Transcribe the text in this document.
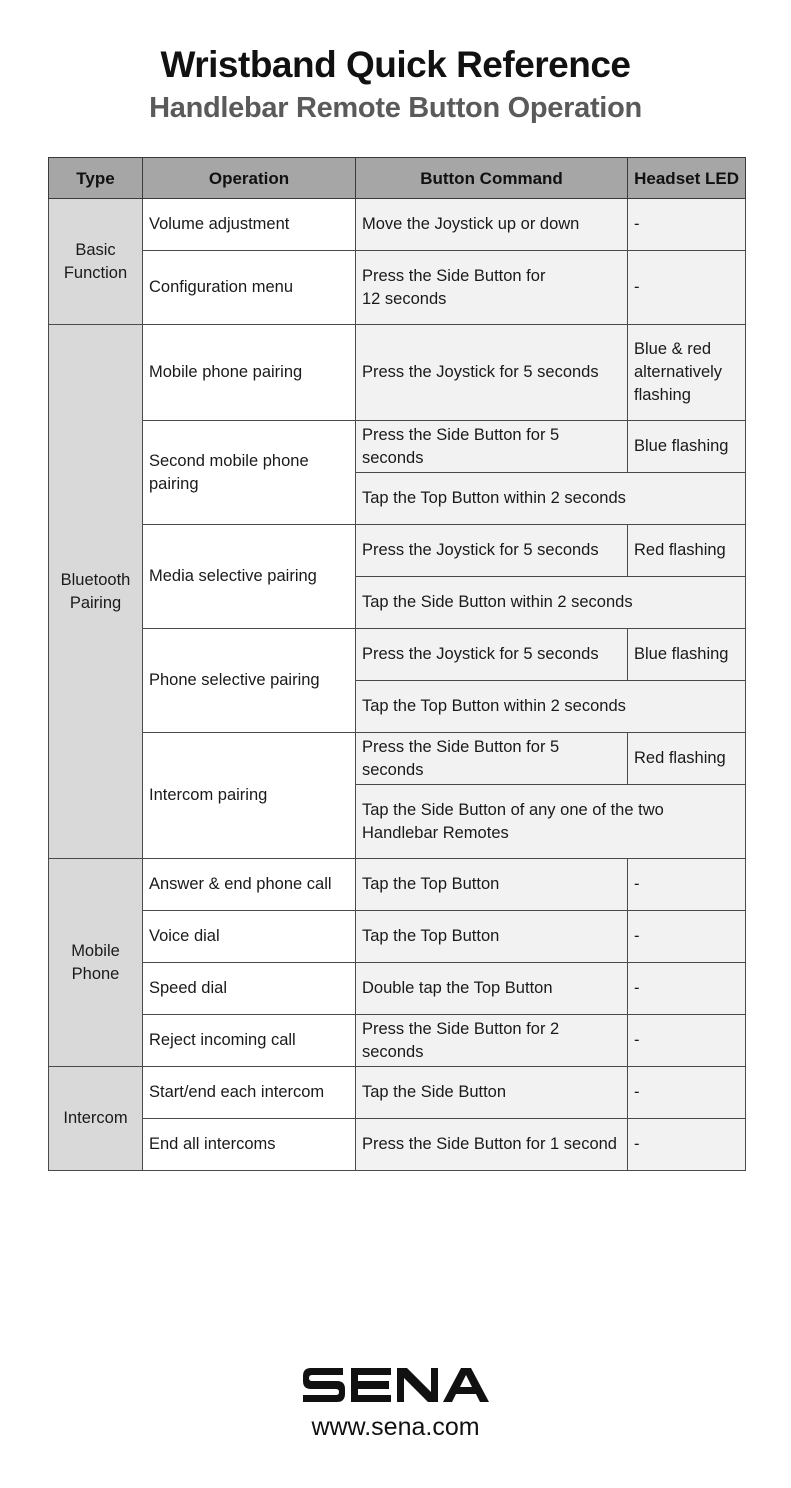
Wristband Quick Reference
Handlebar Remote Button Operation
Type	Operation	Button Command	Headset LED
Basic Function	Volume adjustment	Move the Joystick up or down	-
	Configuration menu	Press the Side Button for 12 seconds	-
Bluetooth Pairing	Mobile phone pairing	Press the Joystick for 5 seconds	Blue & red alternatively flashing
	Second mobile phone pairing	Press the Side Button for 5 seconds	Blue flashing
		Tap the Top Button within 2 seconds	
	Media selective pairing	Press the Joystick for 5 seconds	Red flashing
		Tap the Side Button within 2 seconds	
	Phone selective pairing	Press the Joystick for 5 seconds	Blue flashing
		Tap the Top Button within 2 seconds	
	Intercom pairing	Press the Side Button for 5 seconds	Red flashing
		Tap the Side Button of any one of the two Handlebar Remotes	
Mobile Phone	Answer & end phone call	Tap the Top Button	-
	Voice dial	Tap the Top Button	-
	Speed dial	Double tap the Top Button	-
	Reject incoming call	Press the Side Button for 2 seconds	-
Intercom	Start/end each intercom	Tap the Side Button	-
	End all intercoms	Press the Side Button for 1 second	-
www.sena.com
